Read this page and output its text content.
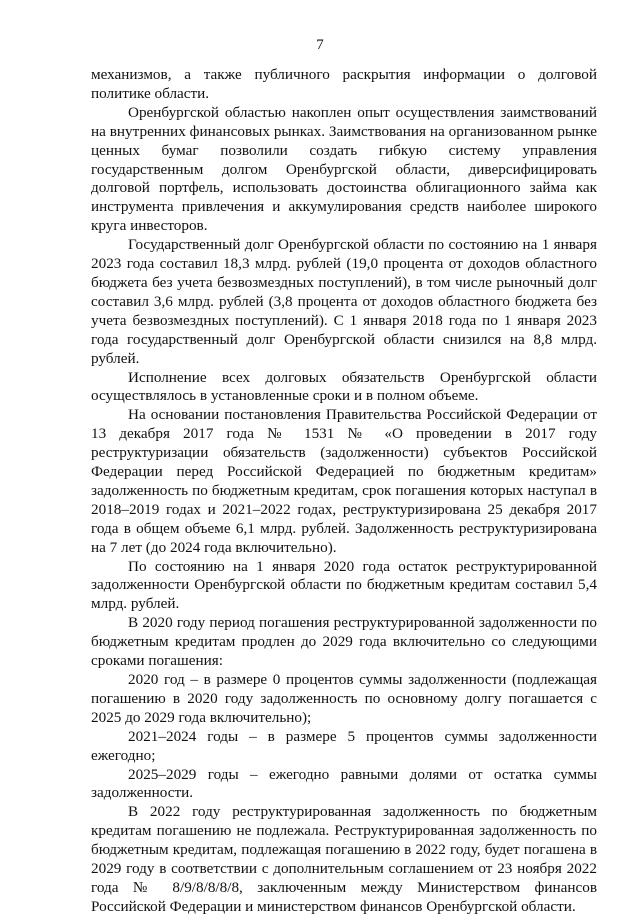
7

механизмов, а также публичного раскрытия информации о долговой политике области.

Оренбургской областью накоплен опыт осуществления заимствований на внутренних финансовых рынках. Заимствования на организованном рынке ценных бумаг позволили создать гибкую систему управления государственным долгом Оренбургской области, диверсифицировать долговой портфель, использовать достоинства облигационного займа как инструмента привлечения и аккумулирования средств наиболее широкого круга инвесторов.

Государственный долг Оренбургской области по состоянию на 1 января 2023 года составил 18,3 млрд. рублей (19,0 процента от доходов областного бюджета без учета безвозмездных поступлений), в том числе рыночный долг составил 3,6 млрд. рублей (3,8 процента от доходов областного бюджета без учета безвозмездных поступлений). С 1 января 2018 года по 1 января 2023 года государственный долг Оренбургской области снизился на 8,8 млрд. рублей.

Исполнение всех долговых обязательств Оренбургской области осуществлялось в установленные сроки и в полном объеме.

На основании постановления Правительства Российской Федерации от 13 декабря 2017 года № 1531 № «О проведении в 2017 году реструктуризации обязательств (задолженности) субъектов Российской Федерации перед Российской Федерацией по бюджетным кредитам» задолженность по бюджетным кредитам, срок погашения которых наступал в 2018–2019 годах и 2021–2022 годах, реструктуризирована 25 декабря 2017 года в общем объеме 6,1 млрд. рублей. Задолженность реструктуризирована на 7 лет (до 2024 года включительно).

По состоянию на 1 января 2020 года остаток реструктурированной задолженности Оренбургской области по бюджетным кредитам составил 5,4 млрд. рублей.

В 2020 году период погашения реструктурированной задолженности по бюджетным кредитам продлен до 2029 года включительно со следующими сроками погашения:

2020 год – в размере 0 процентов суммы задолженности (подлежащая погашению в 2020 году задолженность по основному долгу погашается с 2025 до 2029 года включительно);

2021–2024 годы – в размере 5 процентов суммы задолженности ежегодно;

2025–2029 годы – ежегодно равными долями от остатка суммы задолженности.

В 2022 году реструктурированная задолженность по бюджетным кредитам погашению не подлежала. Реструктурированная задолженность по бюджетным кредитам, подлежащая погашению в 2022 году, будет погашена в 2029 году в соответствии с дополнительным соглашением от 23 ноября 2022 года № 8/9/8/8/8/8, заключенным между Министерством финансов Российской Федерации и министерством финансов Оренбургской области.
